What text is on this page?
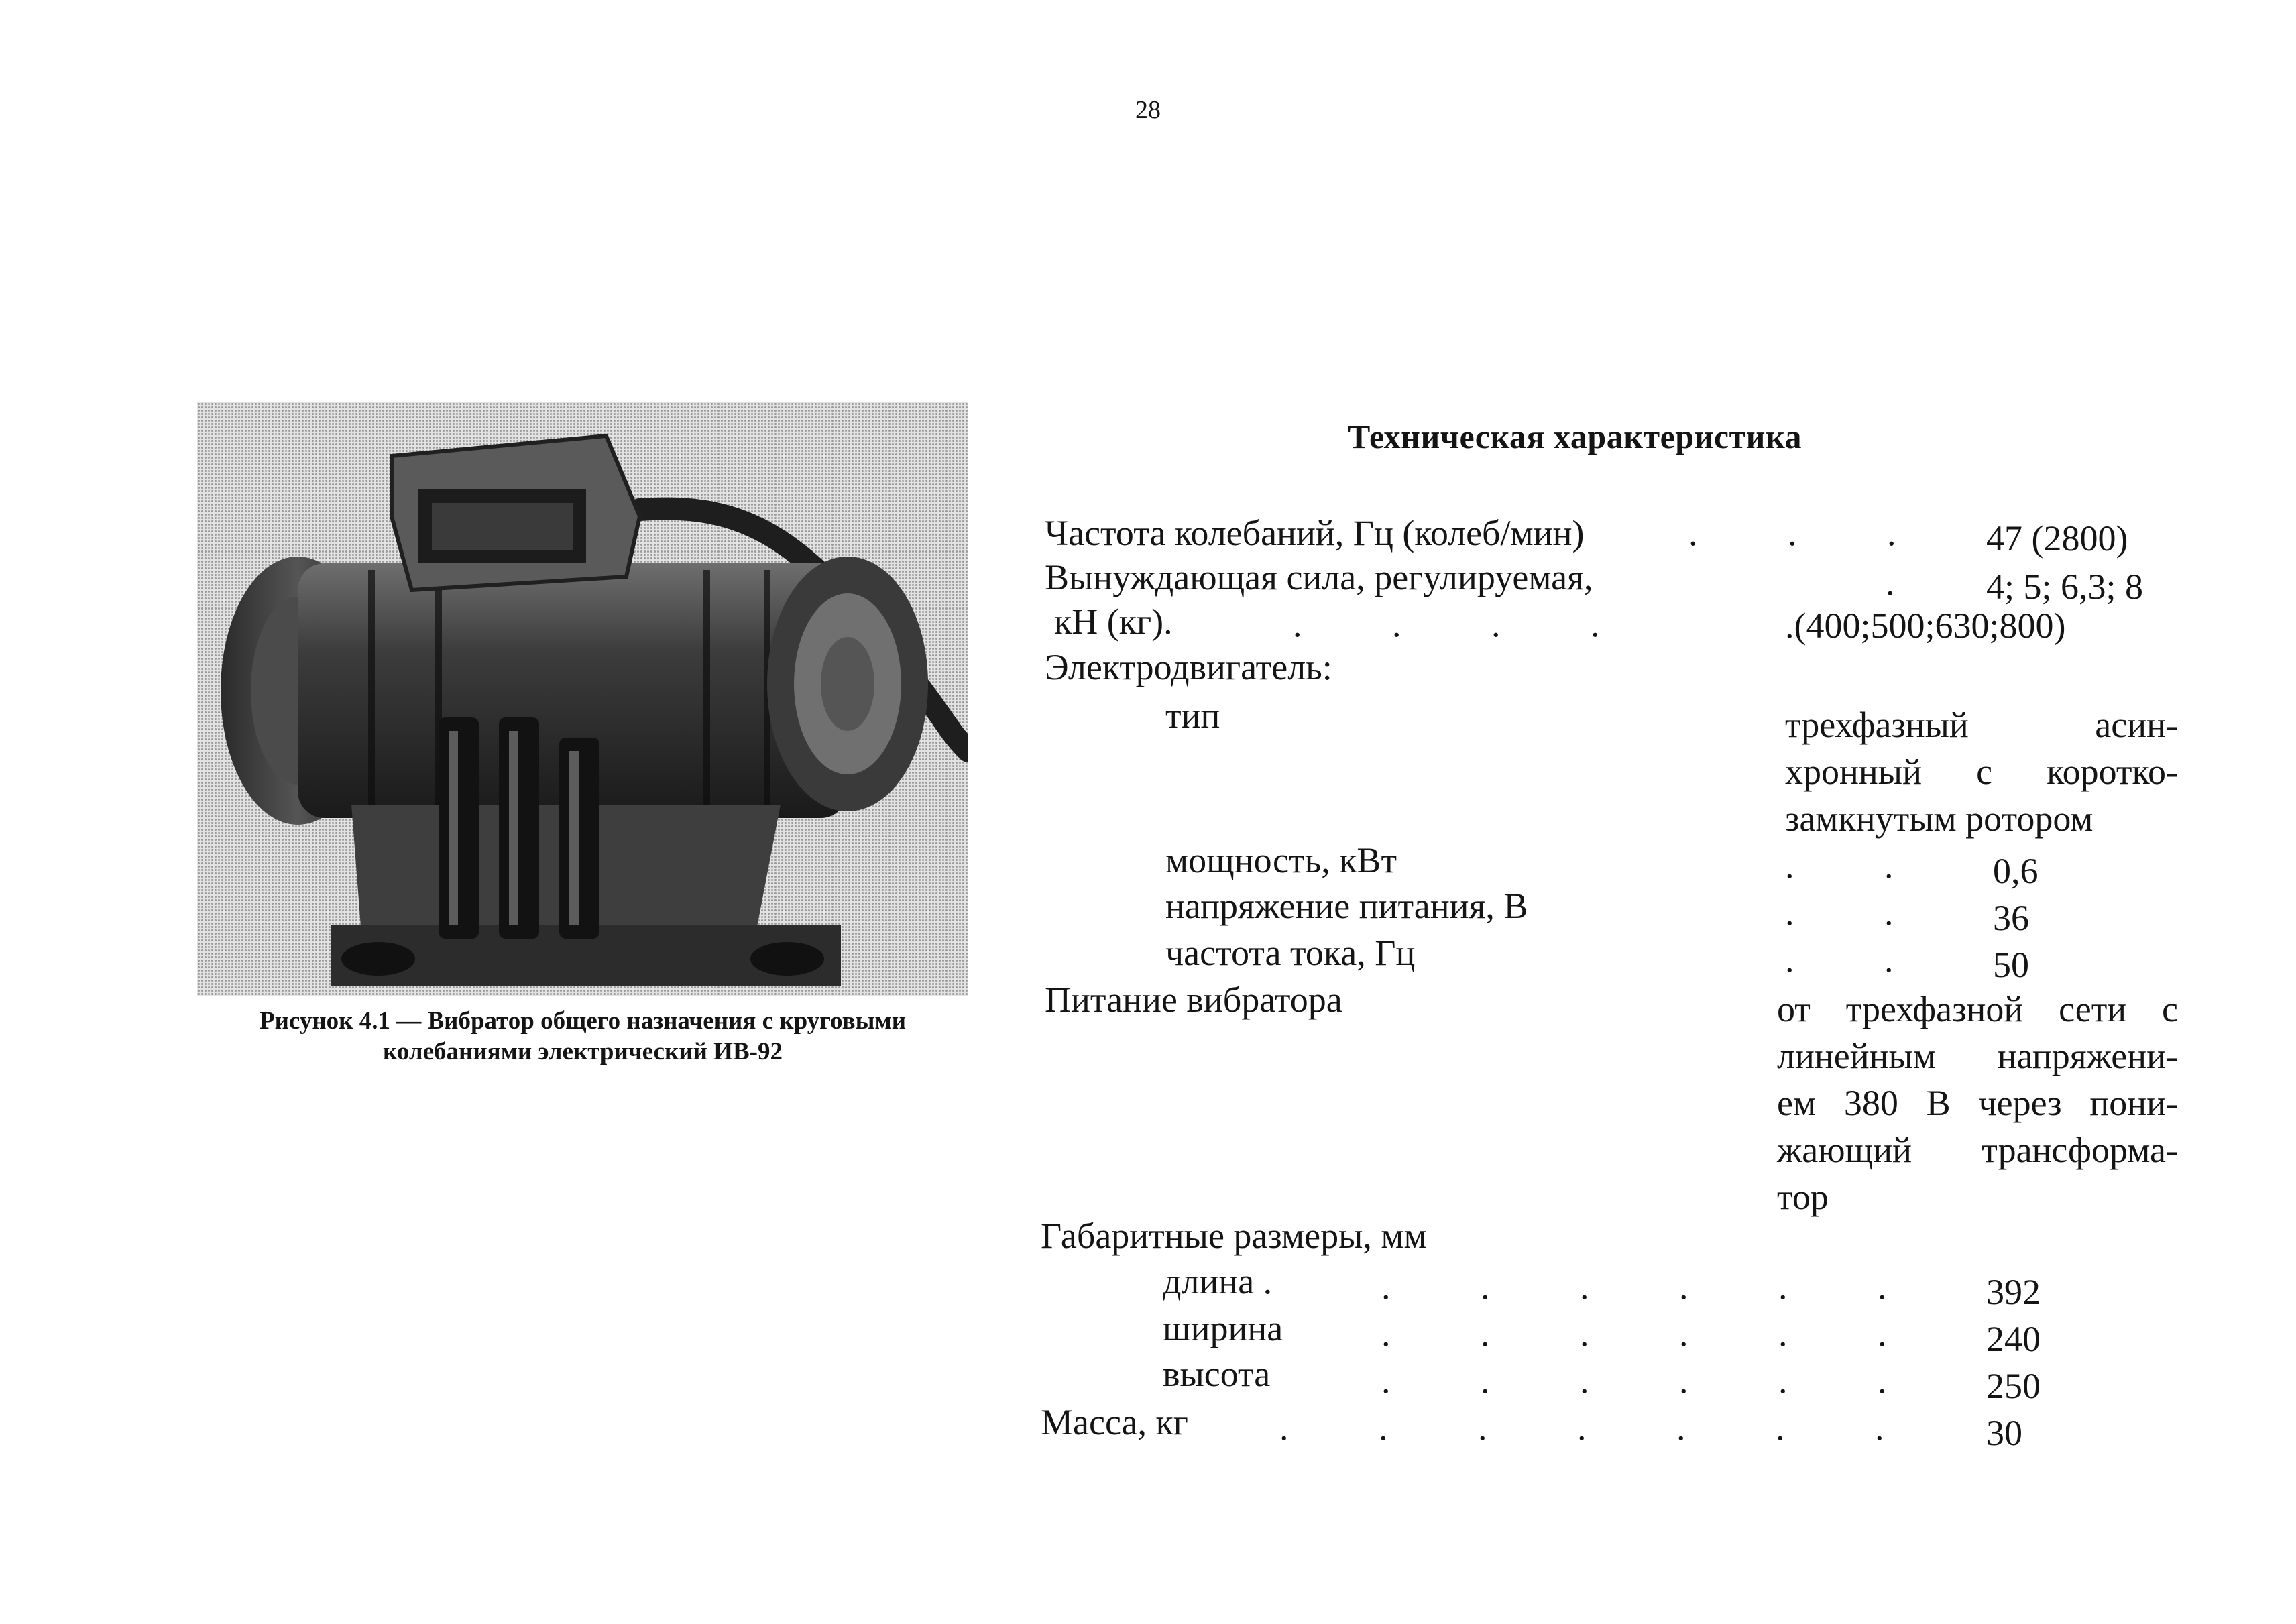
28
Рисунок 4.1 — Вибратор общего назначения с круговыми
колебаниями электрический ИВ-92
Техническая характеристика
Частота колебаний, Гц (колеб/мин)	. . .	47 (2800)
Вынуждающая сила, регулируемая,	.	4; 5; 6,3; 8
кН (кг).	. . . .	.(400;500;630;800)
Электродвигатель:
тип	трехфазный асин-
хронный с коротко-
замкнутым ротором
мощность, кВт	. .	0,6
напряжение питания, В	. .	36
частота тока, Гц	. .	50
Питание вибратора	от трехфазной сети с
линейным напряжени-
ем 380 В через пони-
жающий трансформа-
тор
Габаритные размеры, мм
длина .	. . . . . .	392
ширина	. . . . . .	240
высота	. . . . . .	250
Масса, кг	. . . . . . .	30
